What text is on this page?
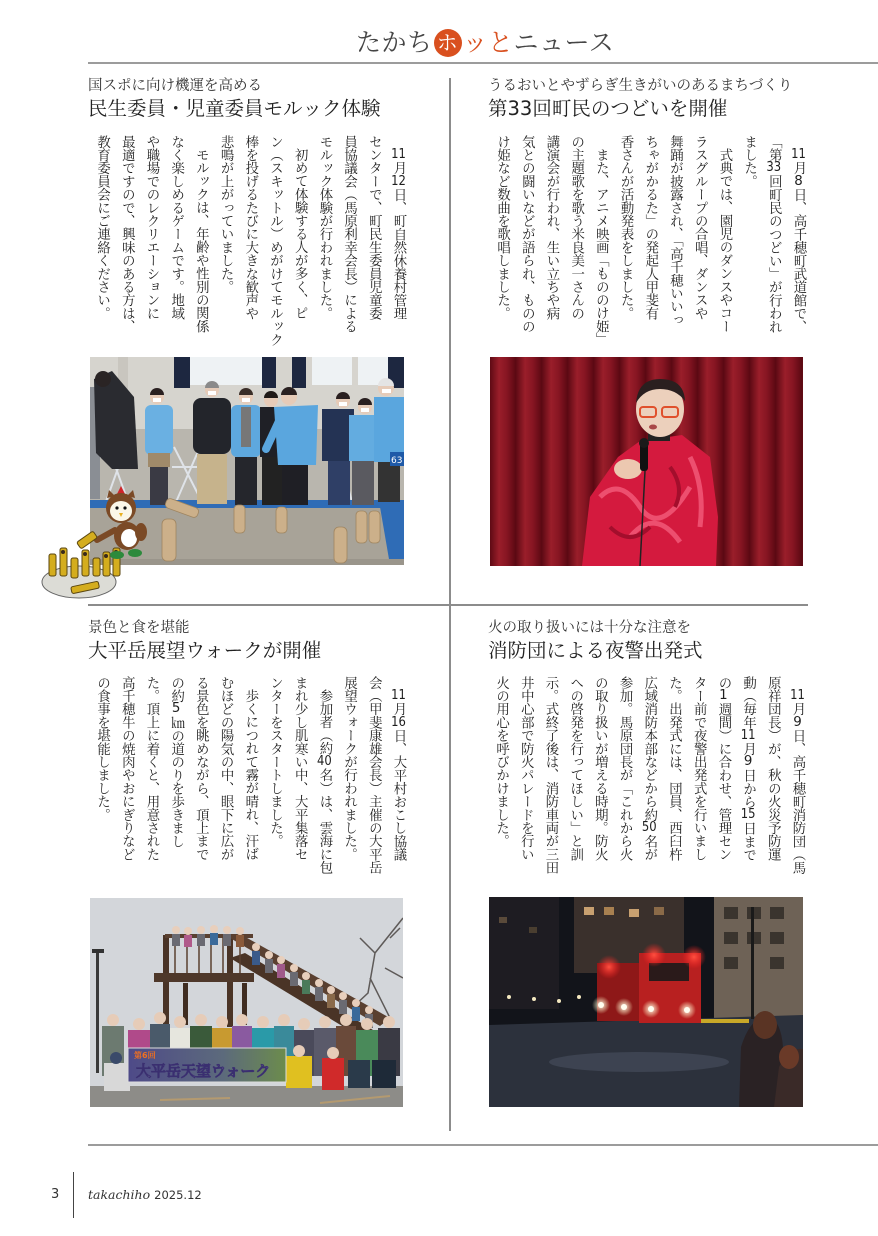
たかち ホ ッとニュース
国スポに向け機運を高める
民生委員・児童委員モルック体験
11月12日、町自然休養村管理
センターで、町民生委員児童委
員協議会（馬原利幸会長）による
モルック体験が行われました。
初めて体験する人が多く、ピ
ン（スキットル）めがけてモルック
棒を投げるたびに大きな歓声や
悲鳴が上がっていました。
モルックは、年齢や性別の関係
なく楽しめるゲームです。地域
や職場でのレクリエーションに
最適ですので、興味のある方は、
教育委員会にご連絡ください。
63
うるおいとやずらぎ生きがいのあるまちづくり
第33回町民のつどいを開催
11月8日、高千穂町武道館で、
「第33回町民のつどい」が行われ
ました。
式典では、園児のダンスやコー
ラスグループの合唱、ダンスや
舞踊が披露され、「高千穂いいっ
ちゃがかるた」の発起人甲斐有
香さんが活動発表をしました。
また、アニメ映画「もののけ姫」
の主題歌を歌う米良美一さんの
講演会が行われ、生い立ちや病
気との闘いなどが語られ、ものの
け姫など数曲を歌唱しました。
景色と食を堪能
大平岳展望ウォークが開催
11月16日、大平村おこし協議
会（甲斐康雄会長）主催の大平岳
展望ウォークが行われました。
参加者（約40名）は、雲海に包
まれ少し肌寒い中、大平集落セ
ンターをスタートしました。
歩くにつれて霧が晴れ、汗ば
むほどの陽気の中、眼下に広が
る景色を眺めながら、頂上まで
の約5㎞の道のりを歩きまし
た。頂上に着くと、用意された
高千穂牛の焼肉やおにぎりなど
の食事を堪能しました。
第6回
大平岳天望ウォーク
火の取り扱いには十分な注意を
消防団による夜警出発式
11月9日、高千穂町消防団（馬
原祥団長）が、秋の火災予防運
動（毎年11月9日から15日まで
の1週間）に合わせ、管理セン
ター前で夜警出発式を行いまし
た。出発式には、団員、西臼杵
広域消防本部などから約50名が
参加。馬原団長が「これから火
の取り扱いが増える時期。防火
への啓発を行ってほしい」と訓
示。式終了後は、消防車両が三田
井中心部で防火パレードを行い
火の用心を呼びかけました。
3 takachiho 2025.12
